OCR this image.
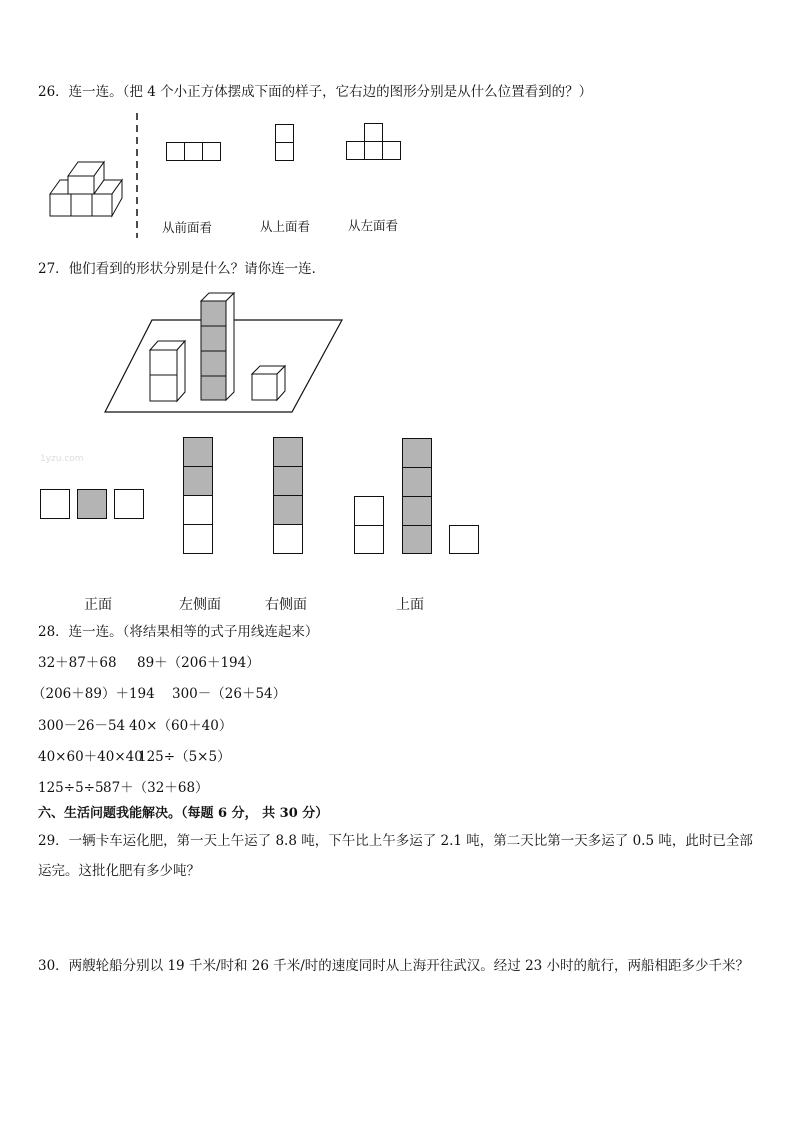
26．连一连。（把 4 个小正方体摆成下面的样子，它右边的图形分别是从什么位置看到的？）
从前面看	从上面看	从左面看
27．他们看到的形状分别是什么？请你连一连．
1yzu.com
正面	左侧面	右侧面	上面
28．连一连。（将结果相等的式子用线连起来）
32＋87＋68 89＋（206＋194）
（206＋89）＋194 300－（26＋54）
300－26－54 40×（60＋40）
40×60＋40×40
125÷（5×5）
125÷5÷5 87＋（32＋68）
六、生活问题我能解决。（每题 6 分， 共 30 分）
29．一辆卡车运化肥，第一天上午运了 8.8 吨，下午比上午多运了 2.1 吨，第二天比第一天多运了 0.5 吨，此时已全部
运完。这批化肥有多少吨？
30．两艘轮船分别以 19 千米/时和 26 千米/时的速度同时从上海开往武汉。经过 23 小时的航行，两船相距多少千米？
